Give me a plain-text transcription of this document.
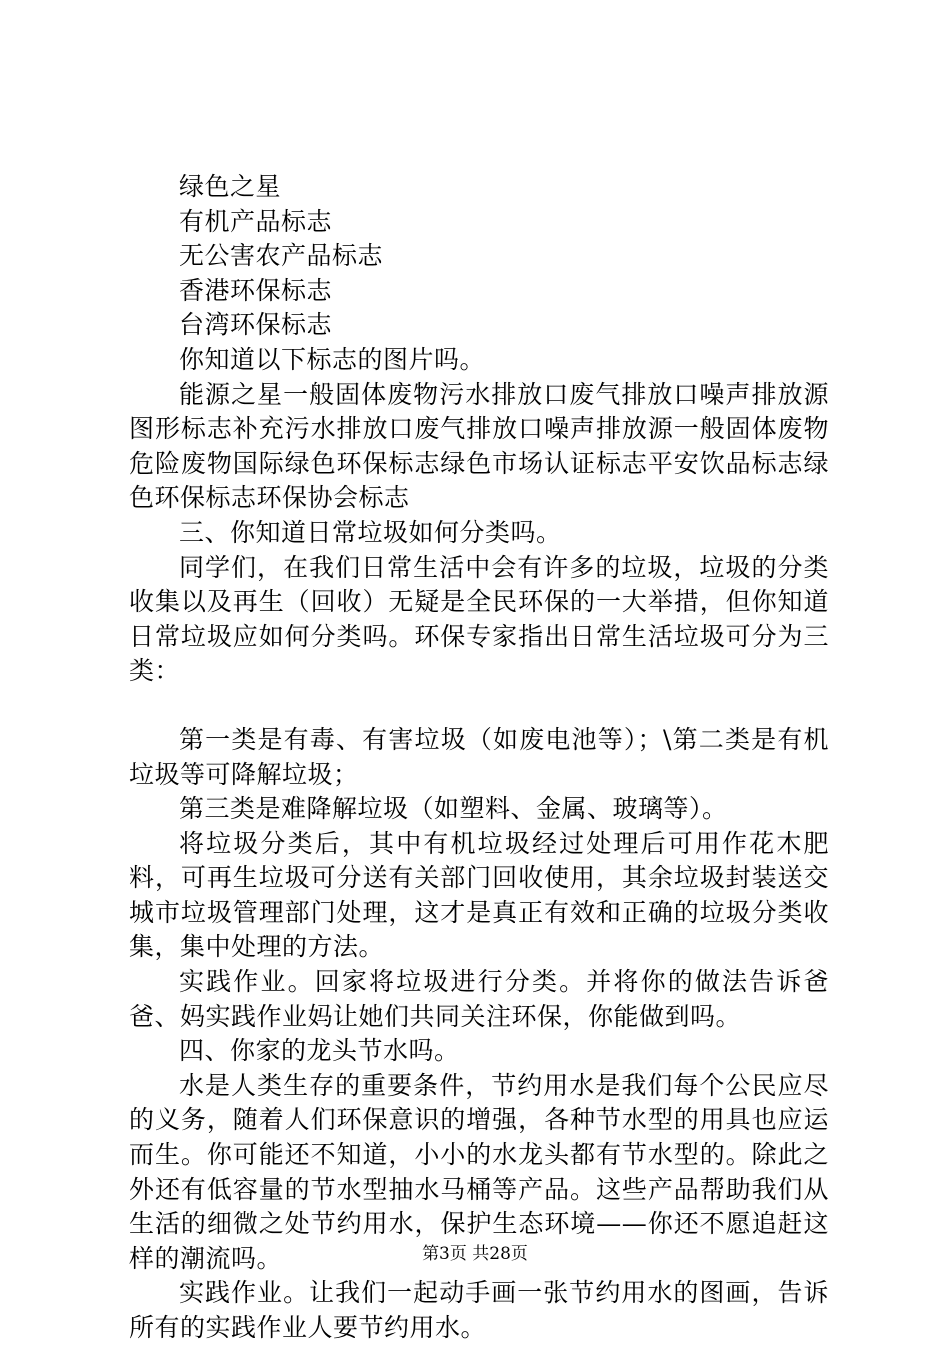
绿色之星

有机产品标志

无公害农产品标志

香港环保标志

台湾环保标志

你知道以下标志的图片吗。

能源之星一般固体废物污水排放口废气排放口噪声排放源图形标志补充污水排放口废气排放口噪声排放源一般固体废物危险废物国际绿色环保标志绿色市场认证标志平安饮品标志绿色环保标志环保协会标志

三、你知道日常垃圾如何分类吗。

同学们，在我们日常生活中会有许多的垃圾，垃圾的分类收集以及再生（回收）无疑是全民环保的一大举措，但你知道日常垃圾应如何分类吗。环保专家指出日常生活垃圾可分为三类：

第一类是有毒、有害垃圾（如废电池等）；\第二类是有机垃圾等可降解垃圾；

第三类是难降解垃圾（如塑料、金属、玻璃等）。

将垃圾分类后，其中有机垃圾经过处理后可用作花木肥料，可再生垃圾可分送有关部门回收使用，其余垃圾封装送交城市垃圾管理部门处理，这才是真正有效和正确的垃圾分类收集，集中处理的方法。

实践作业。回家将垃圾进行分类。并将你的做法告诉爸爸、妈实践作业妈让她们共同关注环保，你能做到吗。

四、你家的龙头节水吗。

水是人类生存的重要条件，节约用水是我们每个公民应尽的义务，随着人们环保意识的增强，各种节水型的用具也应运而生。你可能还不知道，小小的水龙头都有节水型的。除此之外还有低容量的节水型抽水马桶等产品。这些产品帮助我们从生活的细微之处节约用水，保护生态环境——你还不愿追赶这样的潮流吗。

实践作业。让我们一起动手画一张节约用水的图画，告诉所有的实践作业人要节约用水。

第3页 共28页
